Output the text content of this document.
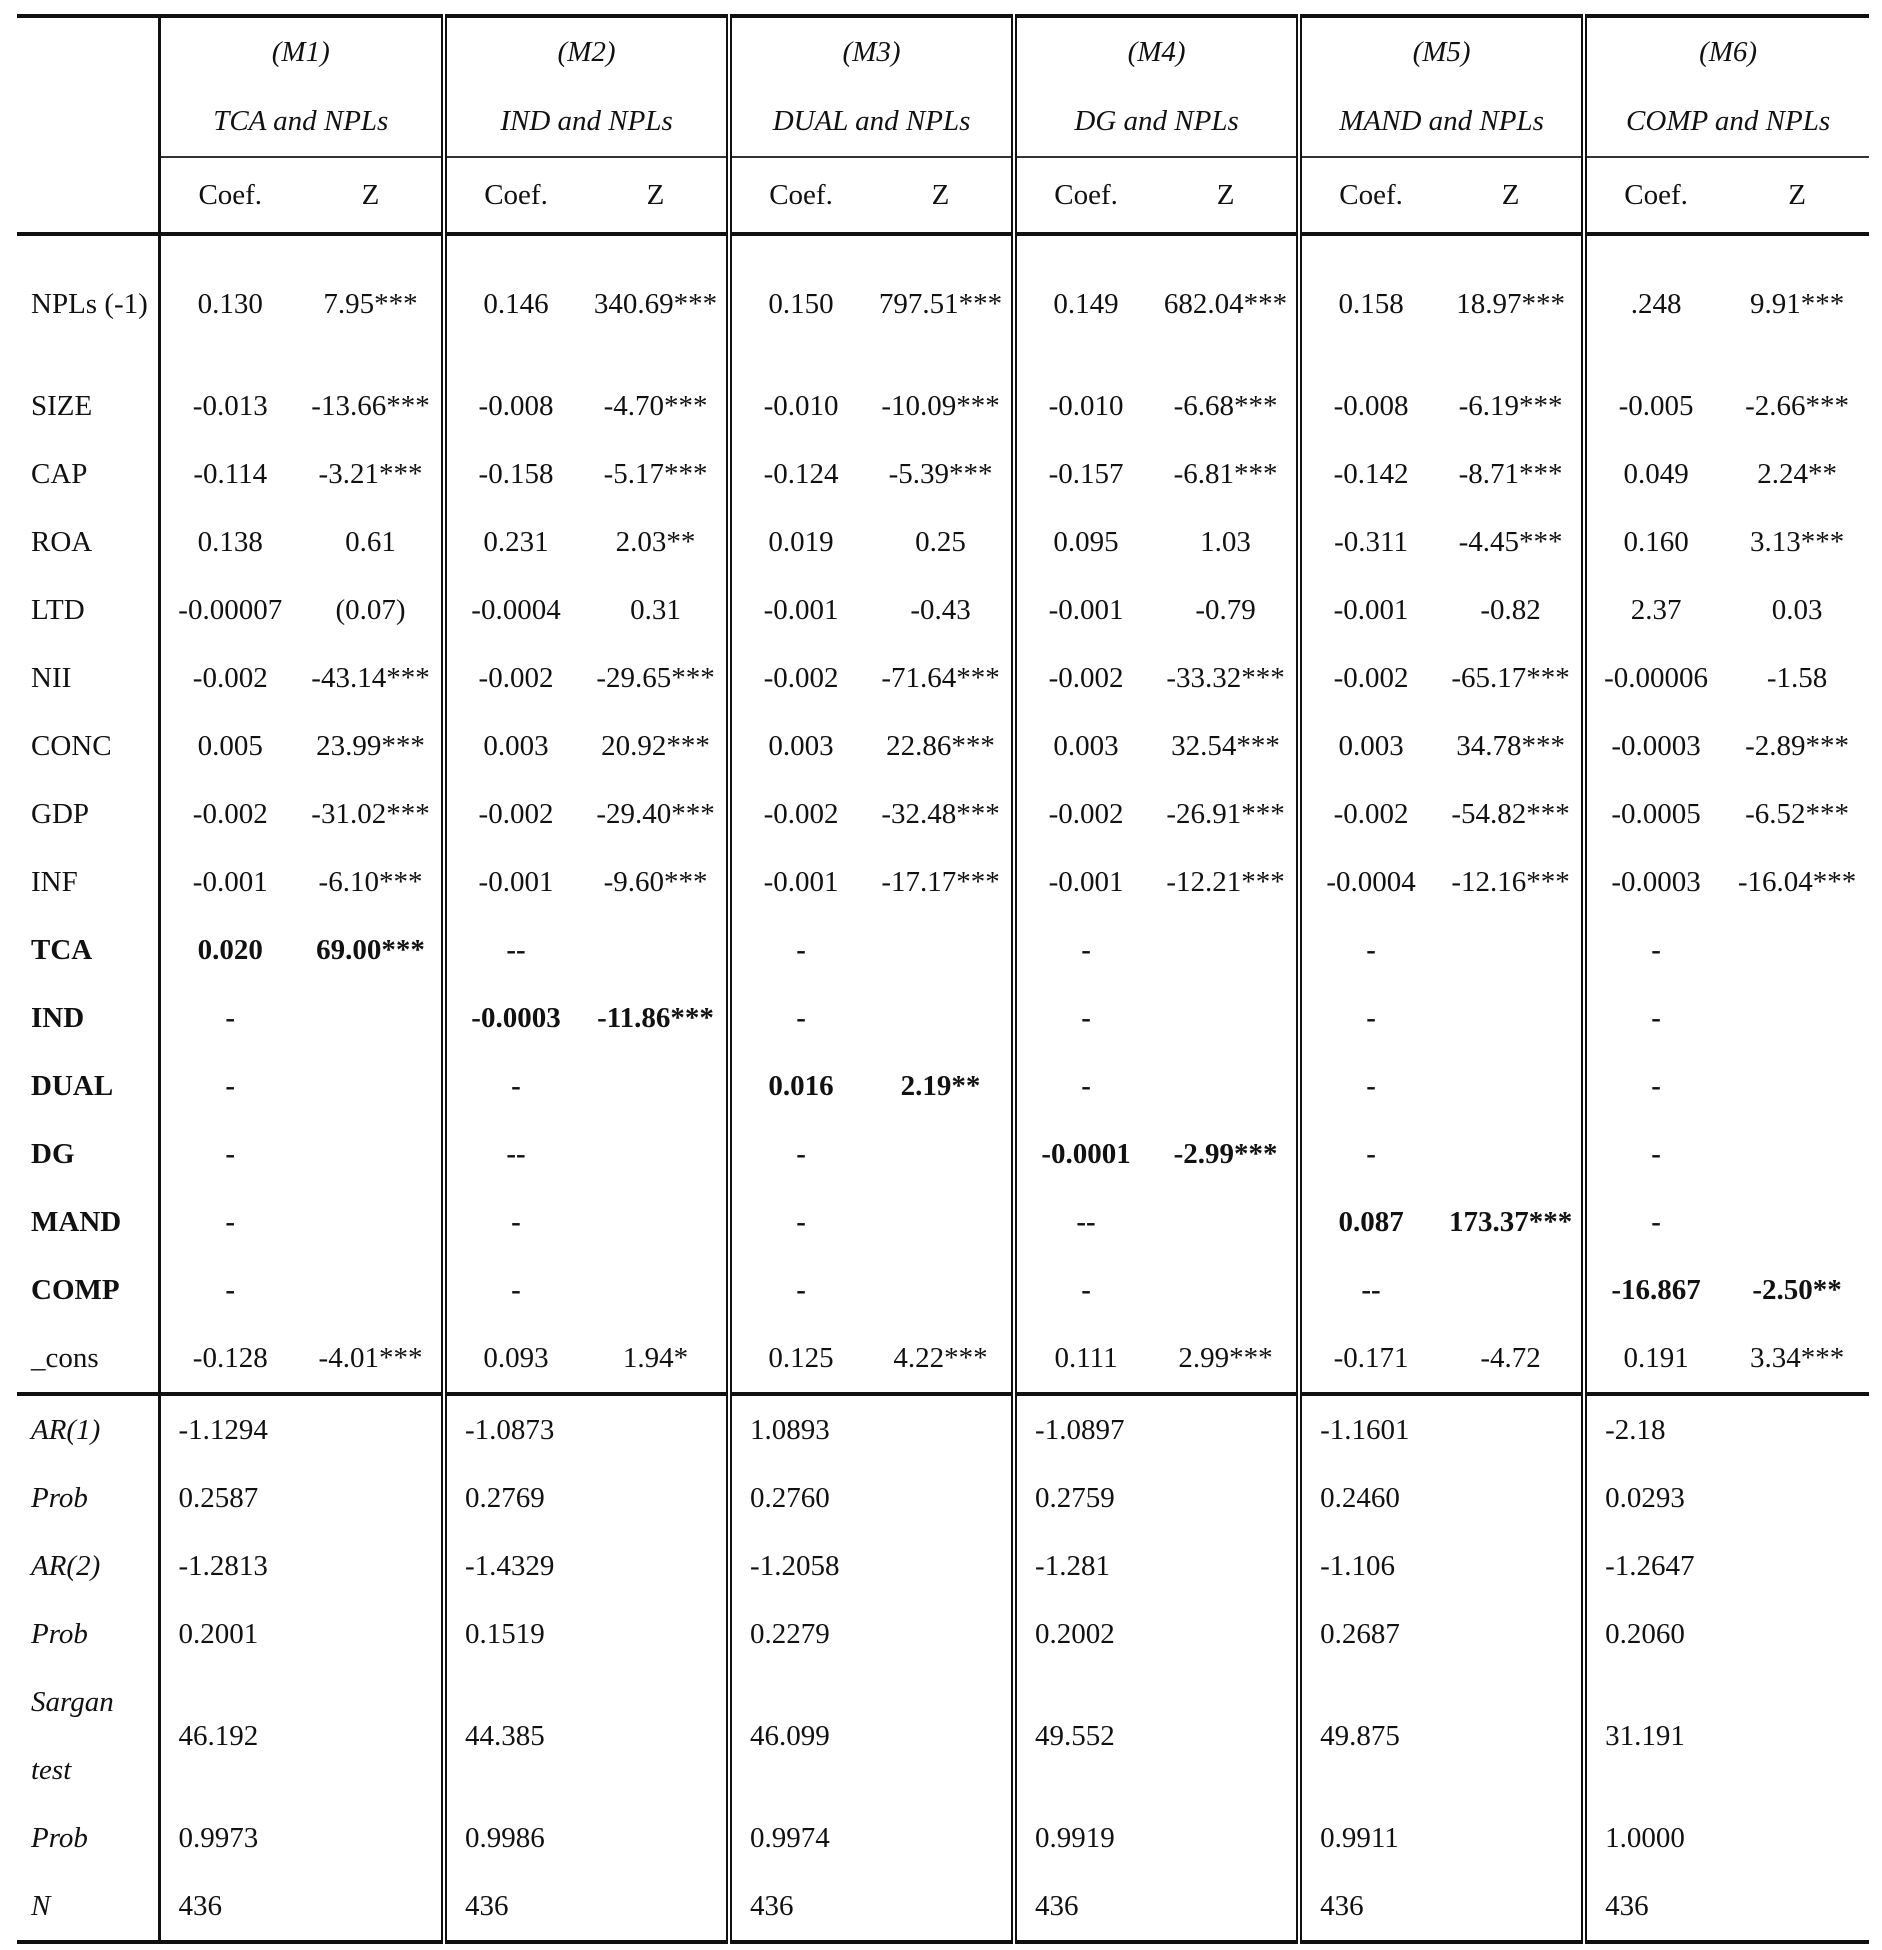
	(M1)		(M2)		(M3)		(M4)		(M5)		(M6)	
	TCA and NPLs		IND and NPLs		DUAL and NPLs		DG and NPLs		MAND and NPLs		COMP and NPLs	
	Coef.	Z	Coef.	Z	Coef.	Z	Coef.	Z	Coef.	Z	Coef.	Z
NPLs (-1)	0.130	7.95***	0.146	340.69***	0.150	797.51***	0.149	682.04***	0.158	18.97***	.248	9.91***
SIZE	-0.013	-13.66***	-0.008	-4.70***	-0.010	-10.09***	-0.010	-6.68***	-0.008	-6.19***	-0.005	-2.66***
CAP	-0.114	-3.21***	-0.158	-5.17***	-0.124	-5.39***	-0.157	-6.81***	-0.142	-8.71***	0.049	2.24**
ROA	0.138	0.61	0.231	2.03**	0.019	0.25	0.095	1.03	-0.311	-4.45***	0.160	3.13***
LTD	-0.00007	(0.07)	-0.0004	0.31	-0.001	-0.43	-0.001	-0.79	-0.001	-0.82	2.37	0.03
NII	-0.002	-43.14***	-0.002	-29.65***	-0.002	-71.64***	-0.002	-33.32***	-0.002	-65.17***	-0.00006	-1.58
CONC	0.005	23.99***	0.003	20.92***	0.003	22.86***	0.003	32.54***	0.003	34.78***	-0.0003	-2.89***
GDP	-0.002	-31.02***	-0.002	-29.40***	-0.002	-32.48***	-0.002	-26.91***	-0.002	-54.82***	-0.0005	-6.52***
INF	-0.001	-6.10***	-0.001	-9.60***	-0.001	-17.17***	-0.001	-12.21***	-0.0004	-12.16***	-0.0003	-16.04***
TCA	0.020	69.00***	--		-		-		-		-	
IND	-		-0.0003	-11.86***	-		-		-		-	
DUAL	-		-		0.016	2.19**	-		-		-	
DG	-		--		-		-0.0001	-2.99***	-		-	
MAND	-		-		-		--		0.087	173.37***	-	
COMP	-		-		-		-		--		-16.867	-2.50**
_cons	-0.128	-4.01***	0.093	1.94*	0.125	4.22***	0.111	2.99***	-0.171	-4.72	0.191	3.34***
AR(1)	-1.1294		-1.0873		1.0893		-1.0897		-1.1601		-2.18	
Prob	0.2587		0.2769		0.2760		0.2759		0.2460		0.0293	
AR(2)	-1.2813		-1.4329		-1.2058		-1.281		-1.106		-1.2647	
Prob	0.2001		0.1519		0.2279		0.2002		0.2687		0.2060	
Sargan test	46.192		44.385		46.099		49.552		49.875		31.191	
Prob	0.9973		0.9986		0.9974		0.9919		0.9911		1.0000	
N	436		436		436		436		436		436	
